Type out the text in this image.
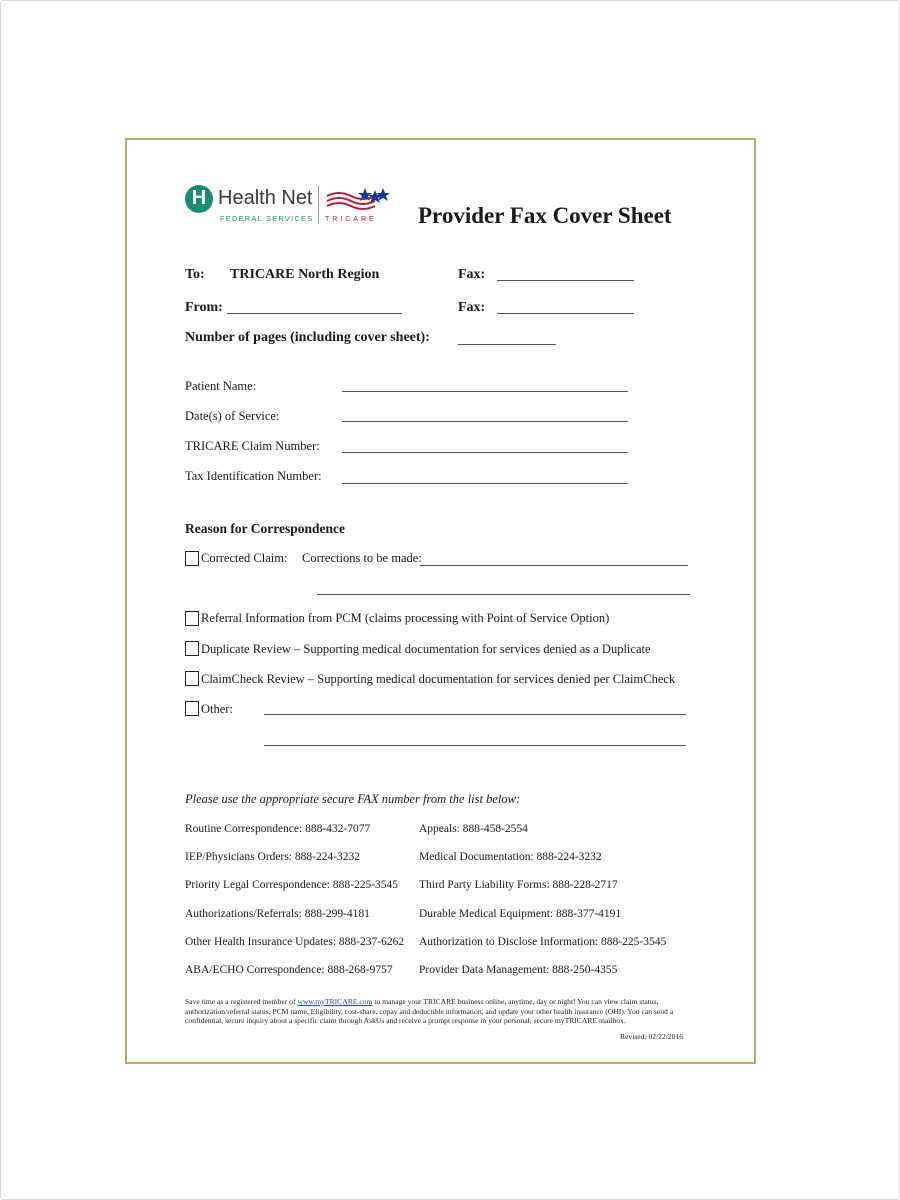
H Health Net
FEDERAL SERVICES TRICARE Provider Fax Cover Sheet
To: TRICARE North Region	Fax:
From:	Fax:
Number of pages (including cover sheet):
Patient Name:
Date(s) of Service:
TRICARE Claim Number:
Tax Identification Number:
Reason for Correspondence
Corrected Claim: Corrections to be made:
Referral Information from PCM (claims processing with Point of Service Option)
Duplicate Review – Supporting medical documentation for services denied as a Duplicate
ClaimCheck Review – Supporting medical documentation for services denied per ClaimCheck
Other:
Please use the appropriate secure FAX number from the list below:
Routine Correspondence: 888-432-7077
IEP/Physicians Orders: 888-224-3232
Priority Legal Correspondence: 888-225-3545
Authorizations/Referrals: 888-299-4181
Other Health Insurance Updates: 888-237-6262
ABA/ECHO Correspondence: 888-268-9757
Appeals: 888-458-2554
Medical Documentation: 888-224-3232
Third Party Liability Forms: 888-228-2717
Durable Medical Equipment: 888-377-4191
Authorization to Disclose Information: 888-225-3545
Provider Data Management: 888-250-4355
Save time as a registered member of www.myTRICARE.com to manage your TRICARE business online, anytime, day or night! You can view claim status, authorization/referral status, PCM name, Eligibility, cost-share, copay and deductible information, and update your other health insurance (OHI). You can send a confidential, secure inquiry about a specific claim through AskUs and receive a prompt response in your personal, secure myTRICARE mailbox.
Revised: 02/22/2016
